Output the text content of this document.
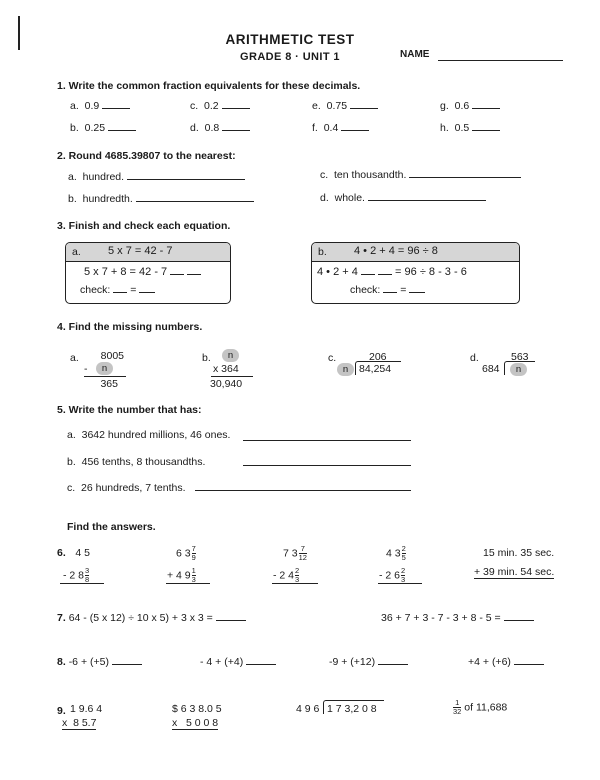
ARITHMETIC TEST
GRADE 8 · UNIT 1	NAME
1. Write the common fraction equivalents for these decimals.
a. 0.9	c. 0.2	e. 0.75	g. 0.6
b. 0.25	d. 0.8	f. 0.4	h. 0.5
2. Round 4685.39807 to the nearest:
a. hundred.	c. ten thousandth.
b. hundredth.	d. whole.
3. Finish and check each equation.
a. 5 x 7 = 42 - 7
5 x 7 + 8 = 42 - 7
check: =
b. 4 • 2 + 4 = 96 ÷ 8
4 • 2 + 4	= 96 ÷ 8 - 3 - 6
check: =
4. Find the missing numbers.
a.	8005
-	n
365
b.	n
x 364
30,940
c.	206
n	84,254
d.	563
684	n
5. Write the number that has:
a. 3642 hundred millions, 46 ones.
b. 456 tenths, 8 thousandths.
c. 26 hundreds, 7 tenths.
Find the answers.
6. 4 5
- 2 $8 \frac{3}{8}$
6 $3 \frac{7}{9}$
+ 4 $9 \frac{1}{3}$
7 $3 \frac{7}{12}$
- 2 $4 \frac{2}{3}$
4 $3 \frac{2}{5}$
- 2 $6 \frac{2}{3}$
15 min. 35 sec.
+ 39 min. 54 sec.
7. 64 - (5 x 12) ÷ 10 x 5) + 3 x 3 =	36 + 7 + 3 - 7 - 3 + 8 - 5 =
8. -6 + (+5)	- 4 + (+4)	-9 + (+12)	+4 + (+6)
9. 1 9.6 4
x  8 5.7
$ 6 3 8.0 5
x   5 0 0 8
4 9 6 1 7 3,2 0 8	$\frac{1}{32}$ of 11,688
